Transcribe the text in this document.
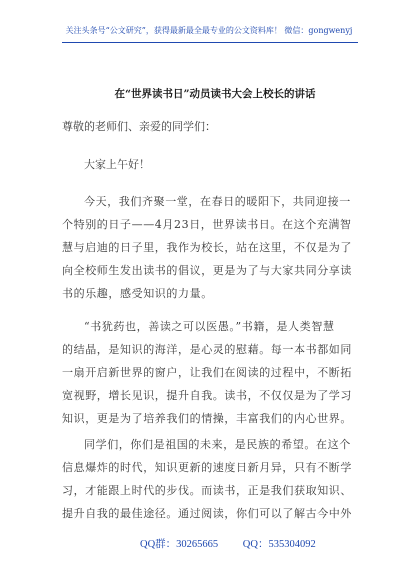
关注头条号“公文研究”，获得最新最全最专业的公文资料库！ 微信：gongwenyj
在“世界读书日”动员读书大会上校长的讲话
尊敬的老师们、亲爱的同学们：
大家上午好！
今天，我们齐聚一堂，在春日的暖阳下，共同迎接一
个特别的日子——4月23日，世界读书日。在这个充满智
慧与启迪的日子里，我作为校长，站在这里，不仅是为了
向全校师生发出读书的倡议，更是为了与大家共同分享读
书的乐趣，感受知识的力量。
“书犹药也，善读之可以医愚。”书籍，是人类智慧
的结晶，是知识的海洋，是心灵的慰藉。每一本书都如同
一扇开启新世界的窗户，让我们在阅读的过程中，不断拓
宽视野，增长见识，提升自我。读书，不仅仅是为了学习
知识，更是为了培养我们的情操，丰富我们的内心世界。
同学们，你们是祖国的未来，是民族的希望。在这个
信息爆炸的时代，知识更新的速度日新月异，只有不断学
习，才能跟上时代的步伐。而读书，正是我们获取知识、
提升自我的最佳途径。通过阅读，你们可以了解古今中外
QQ群：30265665 QQ：535304092
